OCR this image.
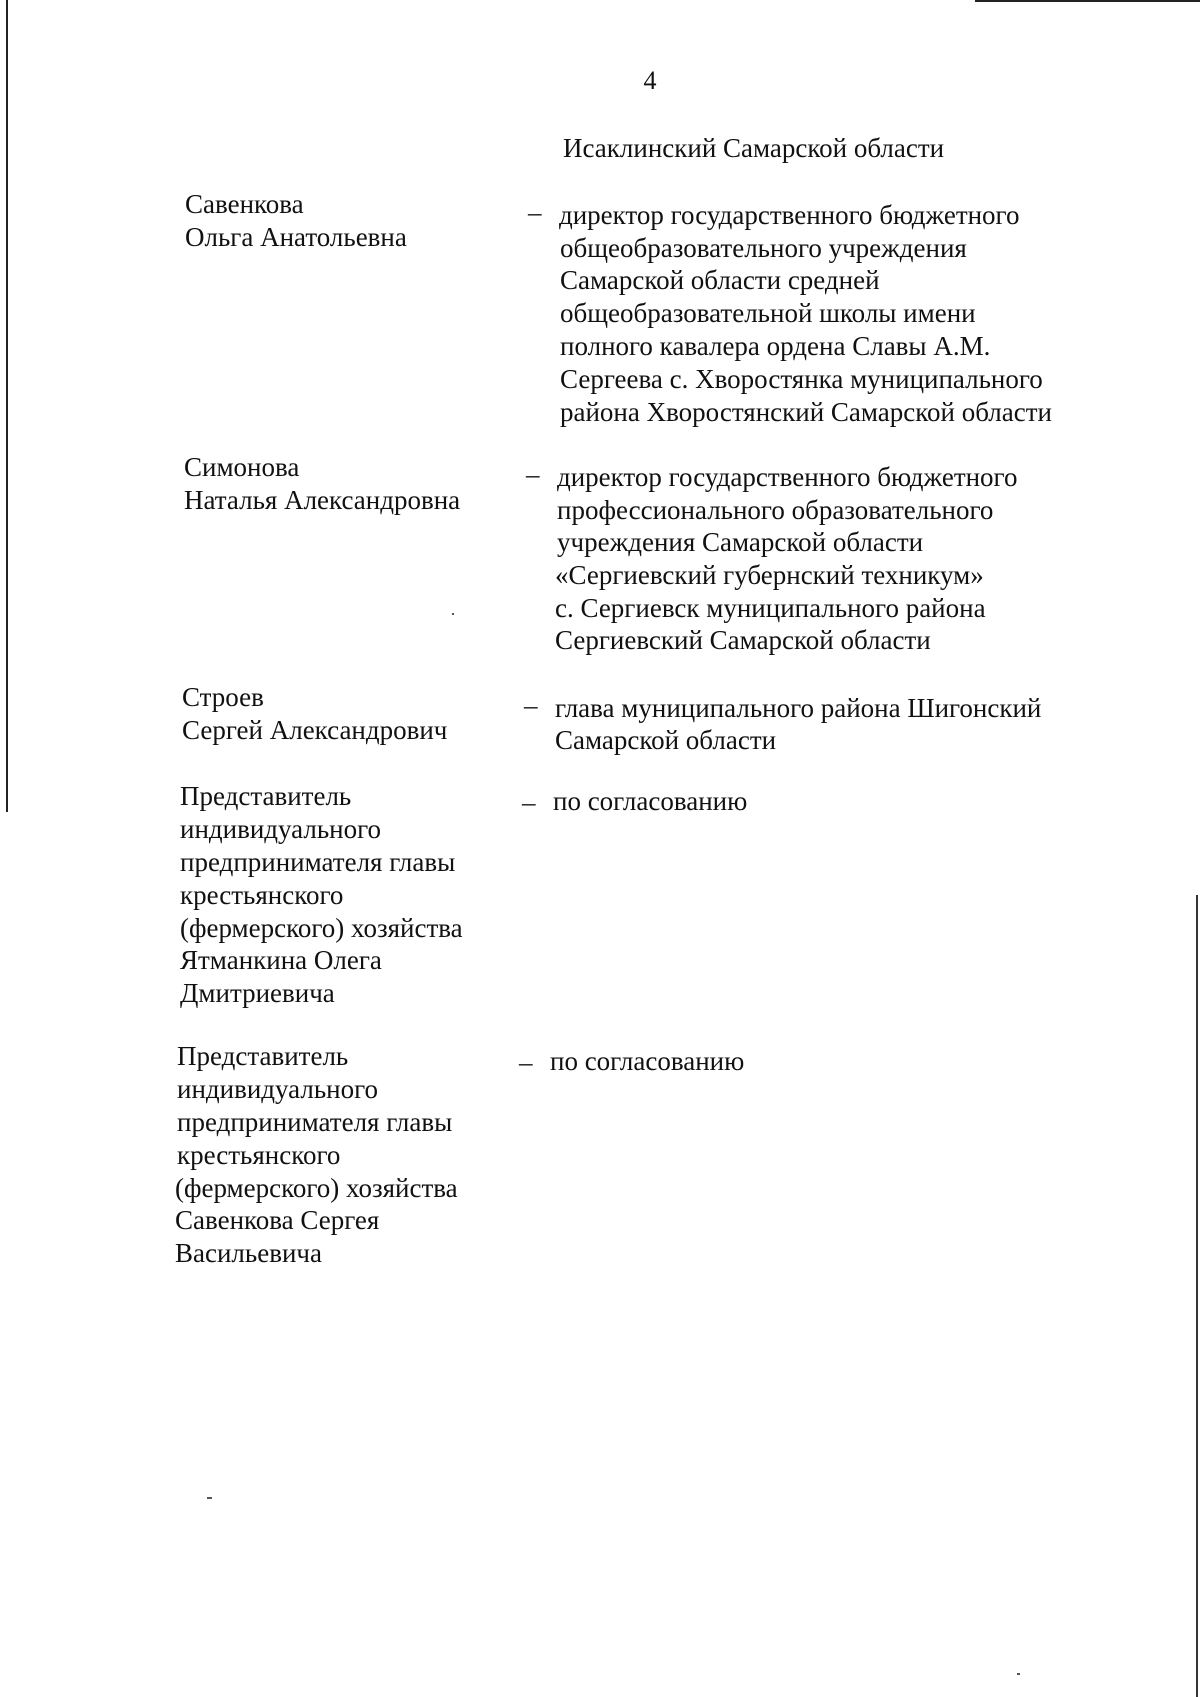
4
Исаклинский Самарской области
Савенкова
Ольга Анатольевна
– директор государственного бюджетного
общеобразовательного учреждения
Самарской области средней
общеобразовательной школы имени
полного кавалера ордена Славы А.М.
Сергеева с. Хворостянка муниципального
района Хворостянский Самарской области
Симонова
Наталья Александровна
– директор государственного бюджетного
профессионального образовательного
учреждения Самарской области
«Сергиевский губернский техникум»
с. Сергиевск муниципального района
Сергиевский Самарской области
Строев
Сергей Александрович
– глава муниципального района Шигонский
Самарской области
Представитель
индивидуального
предпринимателя главы
крестьянского
(фермерского) хозяйства
Ятманкина Олега
Дмитриевича
– по согласованию
Представитель
индивидуального
предпринимателя главы
крестьянского
(фермерского) хозяйства
Савенкова Сергея
Васильевича
– по согласованию
